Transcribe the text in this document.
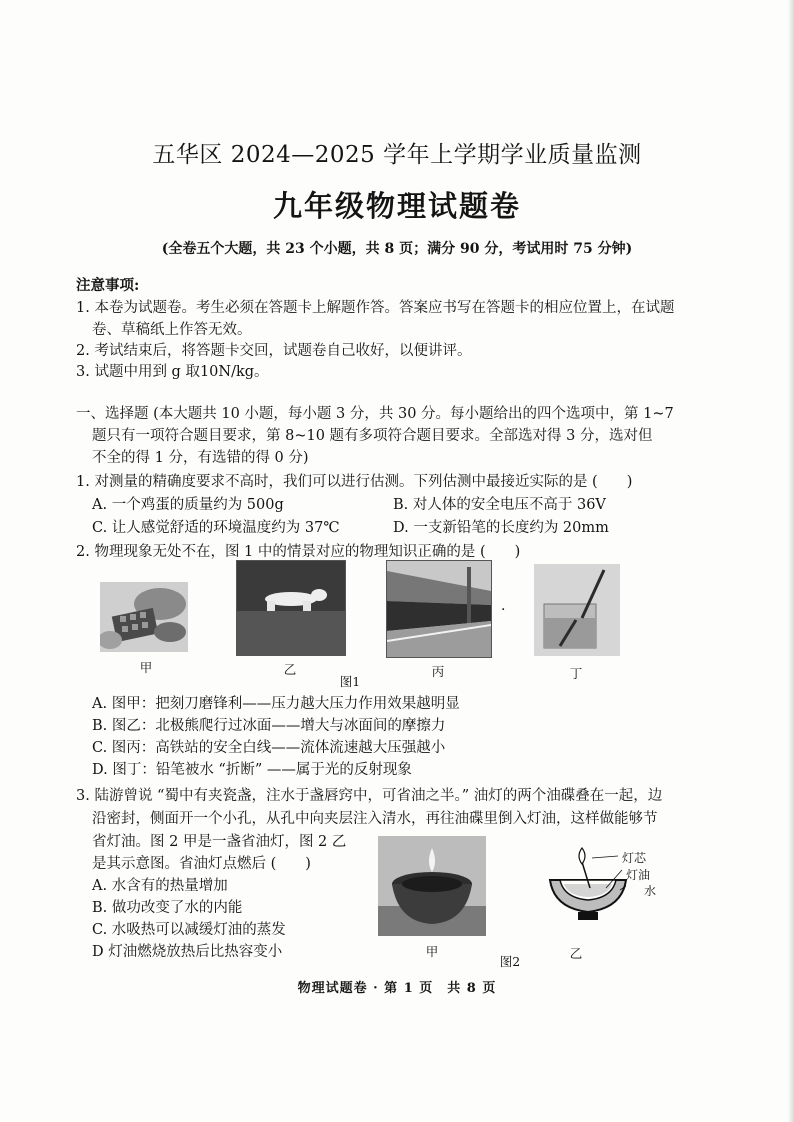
五华区 2024—2025 学年上学期学业质量监测
九年级物理试题卷
(全卷五个大题，共 23 个小题，共 8 页；满分 90 分，考试用时 75 分钟)
注意事项:
1. 本卷为试题卷。考生必须在答题卡上解题作答。答案应书写在答题卡的相应位置上，在试题
卷、草稿纸上作答无效。
2. 考试结束后，将答题卡交回，试题卷自己收好，以便讲评。
3. 试题中用到 g 取10N/kg。
一、选择题 (本大题共 10 小题，每小题 3 分，共 30 分。每小题给出的四个选项中，第 1~7
题只有一项符合题目要求，第 8~10 题有多项符合题目要求。全部选对得 3 分，选对但
不全的得 1 分，有选错的得 0 分)
1. 对测量的精确度要求不高时，我们可以进行估测。下列估测中最接近实际的是 (　　)
A. 一个鸡蛋的质量约为 500g	B. 对人体的安全电压不高于 36V
C. 让人感觉舒适的环境温度约为 37℃	D. 一支新铅笔的长度约为 20mm
2. 物理现象无处不在，图 1 中的情景对应的物理知识正确的是 (　　)
甲	乙	丙	丁
·
图1
A. 图甲：把刻刀磨锋利——压力越大压力作用效果越明显
B. 图乙：北极熊爬行过冰面——增大与冰面间的摩擦力
C. 图丙：高铁站的安全白线——流体流速越大压强越小
D. 图丁：铅笔被水 “折断” ——属于光的反射现象
3. 陆游曾说 “蜀中有夹瓷盏，注水于盏唇窍中，可省油之半。” 油灯的两个油碟叠在一起，边
沿密封，侧面开一个小孔，从孔中向夹层注入清水，再往油碟里倒入灯油，这样做能够节
省灯油。图 2 甲是一盏省油灯，图 2 乙
是其示意图。省油灯点燃后 (　　)
A. 水含有的热量增加
B. 做功改变了水的内能
C. 水吸热可以减缓灯油的蒸发
D 灯油燃烧放热后比热容变小	甲
灯芯
灯油
水
乙
图2
物理试题卷 · 第 1 页　共 8 页
